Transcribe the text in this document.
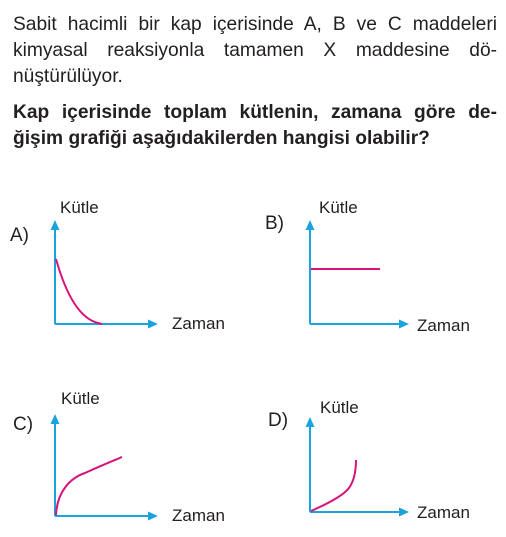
Sabit hacimli bir kap içerisinde A, B ve C maddeleri
kimyasal reaksiyonla tamamen X maddesine dö-
nüştürülüyor.
Kap içerisinde toplam kütlenin, zamana göre de-
ğişim grafiği aşağıdakilerden hangisi olabilir?
A)
Kütle
Zaman
B)
Kütle
Zaman
C)
Kütle
Zaman
D)
Kütle
Zaman
